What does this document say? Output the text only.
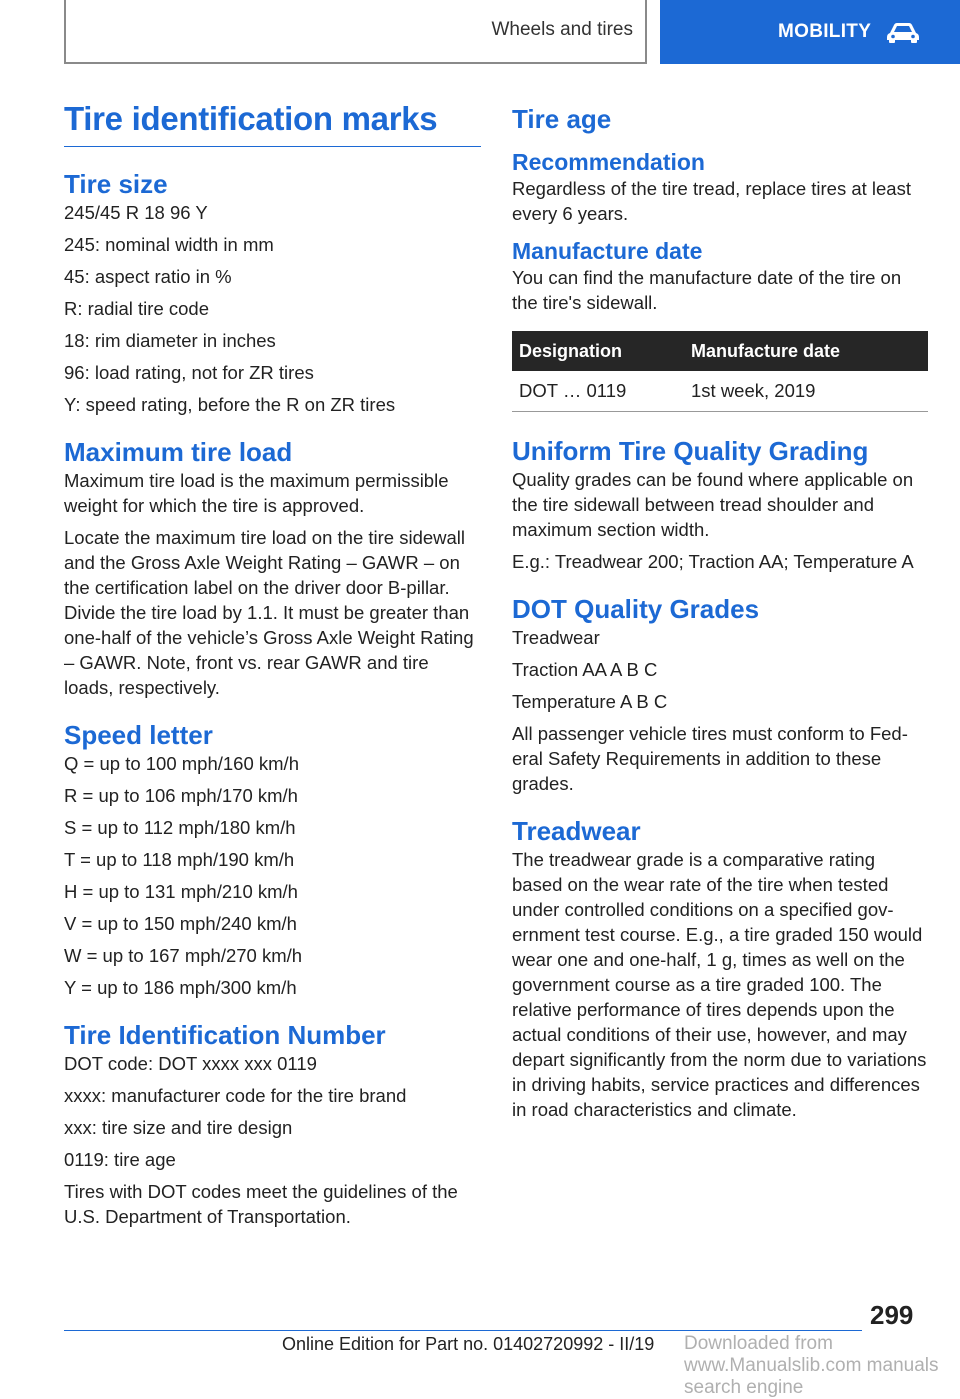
Wheels and tires	MOBILITY
Tire identification marks
Tire size

245/45 R 18 96 Y

245: nominal width in mm

45: aspect ratio in %

R: radial tire code

18: rim diameter in inches

96: load rating, not for ZR tires

Y: speed rating, before the R on ZR tires

Maximum tire load

Maximum tire load is the maximum permissible weight for which the tire is approved.

Locate the maximum tire load on the tire sidewall and the Gross Axle Weight Rating – GAWR – on the certification label on the driver door B-pillar. Divide the tire load by 1.1. It must be greater than one-half of the vehicle’s Gross Axle Weight Rating – GAWR. Note, front vs. rear GAWR and tire loads, respectively.

Speed letter

Q = up to 100 mph/160 km/h

R = up to 106 mph/170 km/h

S = up to 112 mph/180 km/h

T = up to 118 mph/190 km/h

H = up to 131 mph/210 km/h

V = up to 150 mph/240 km/h

W = up to 167 mph/270 km/h

Y = up to 186 mph/300 km/h

Tire Identification Number

DOT code: DOT xxxx xxx 0119

xxxx: manufacturer code for the tire brand

xxx: tire size and tire design

0119: tire age

Tires with DOT codes meet the guidelines of the U.S. Department of Transportation.

Tire age
Recommendation

Regardless of the tire tread, replace tires at least every 6 years.

Manufacture date

You can find the manufacture date of the tire on the tire's sidewall.

Designation	Manufacture date
DOT … 0119	1st week, 2019
Uniform Tire Quality Grading

Quality grades can be found where applicable on the tire sidewall between tread shoulder and maximum section width.

E.g.: Treadwear 200; Traction AA; Temperature A

DOT Quality Grades

Treadwear

Traction AA A B C

Temperature A B C

All passenger vehicle tires must conform to Federal Safety Requirements in addition to these grades.

Treadwear

The treadwear grade is a comparative rating based on the wear rate of the tire when tested under controlled conditions on a specified government test course. E.g., a tire graded 150 would wear one and one-half, 1 g, times as well on the government course as a tire graded 100. The relative performance of tires depends upon the actual conditions of their use, however, and may depart significantly from the norm due to variations in driving habits, service practices and differences in road characteristics and climate.

299
Online Edition for Part no. 01402720992 - II/19 Downloaded from www.Manualslib.com manuals search engine
